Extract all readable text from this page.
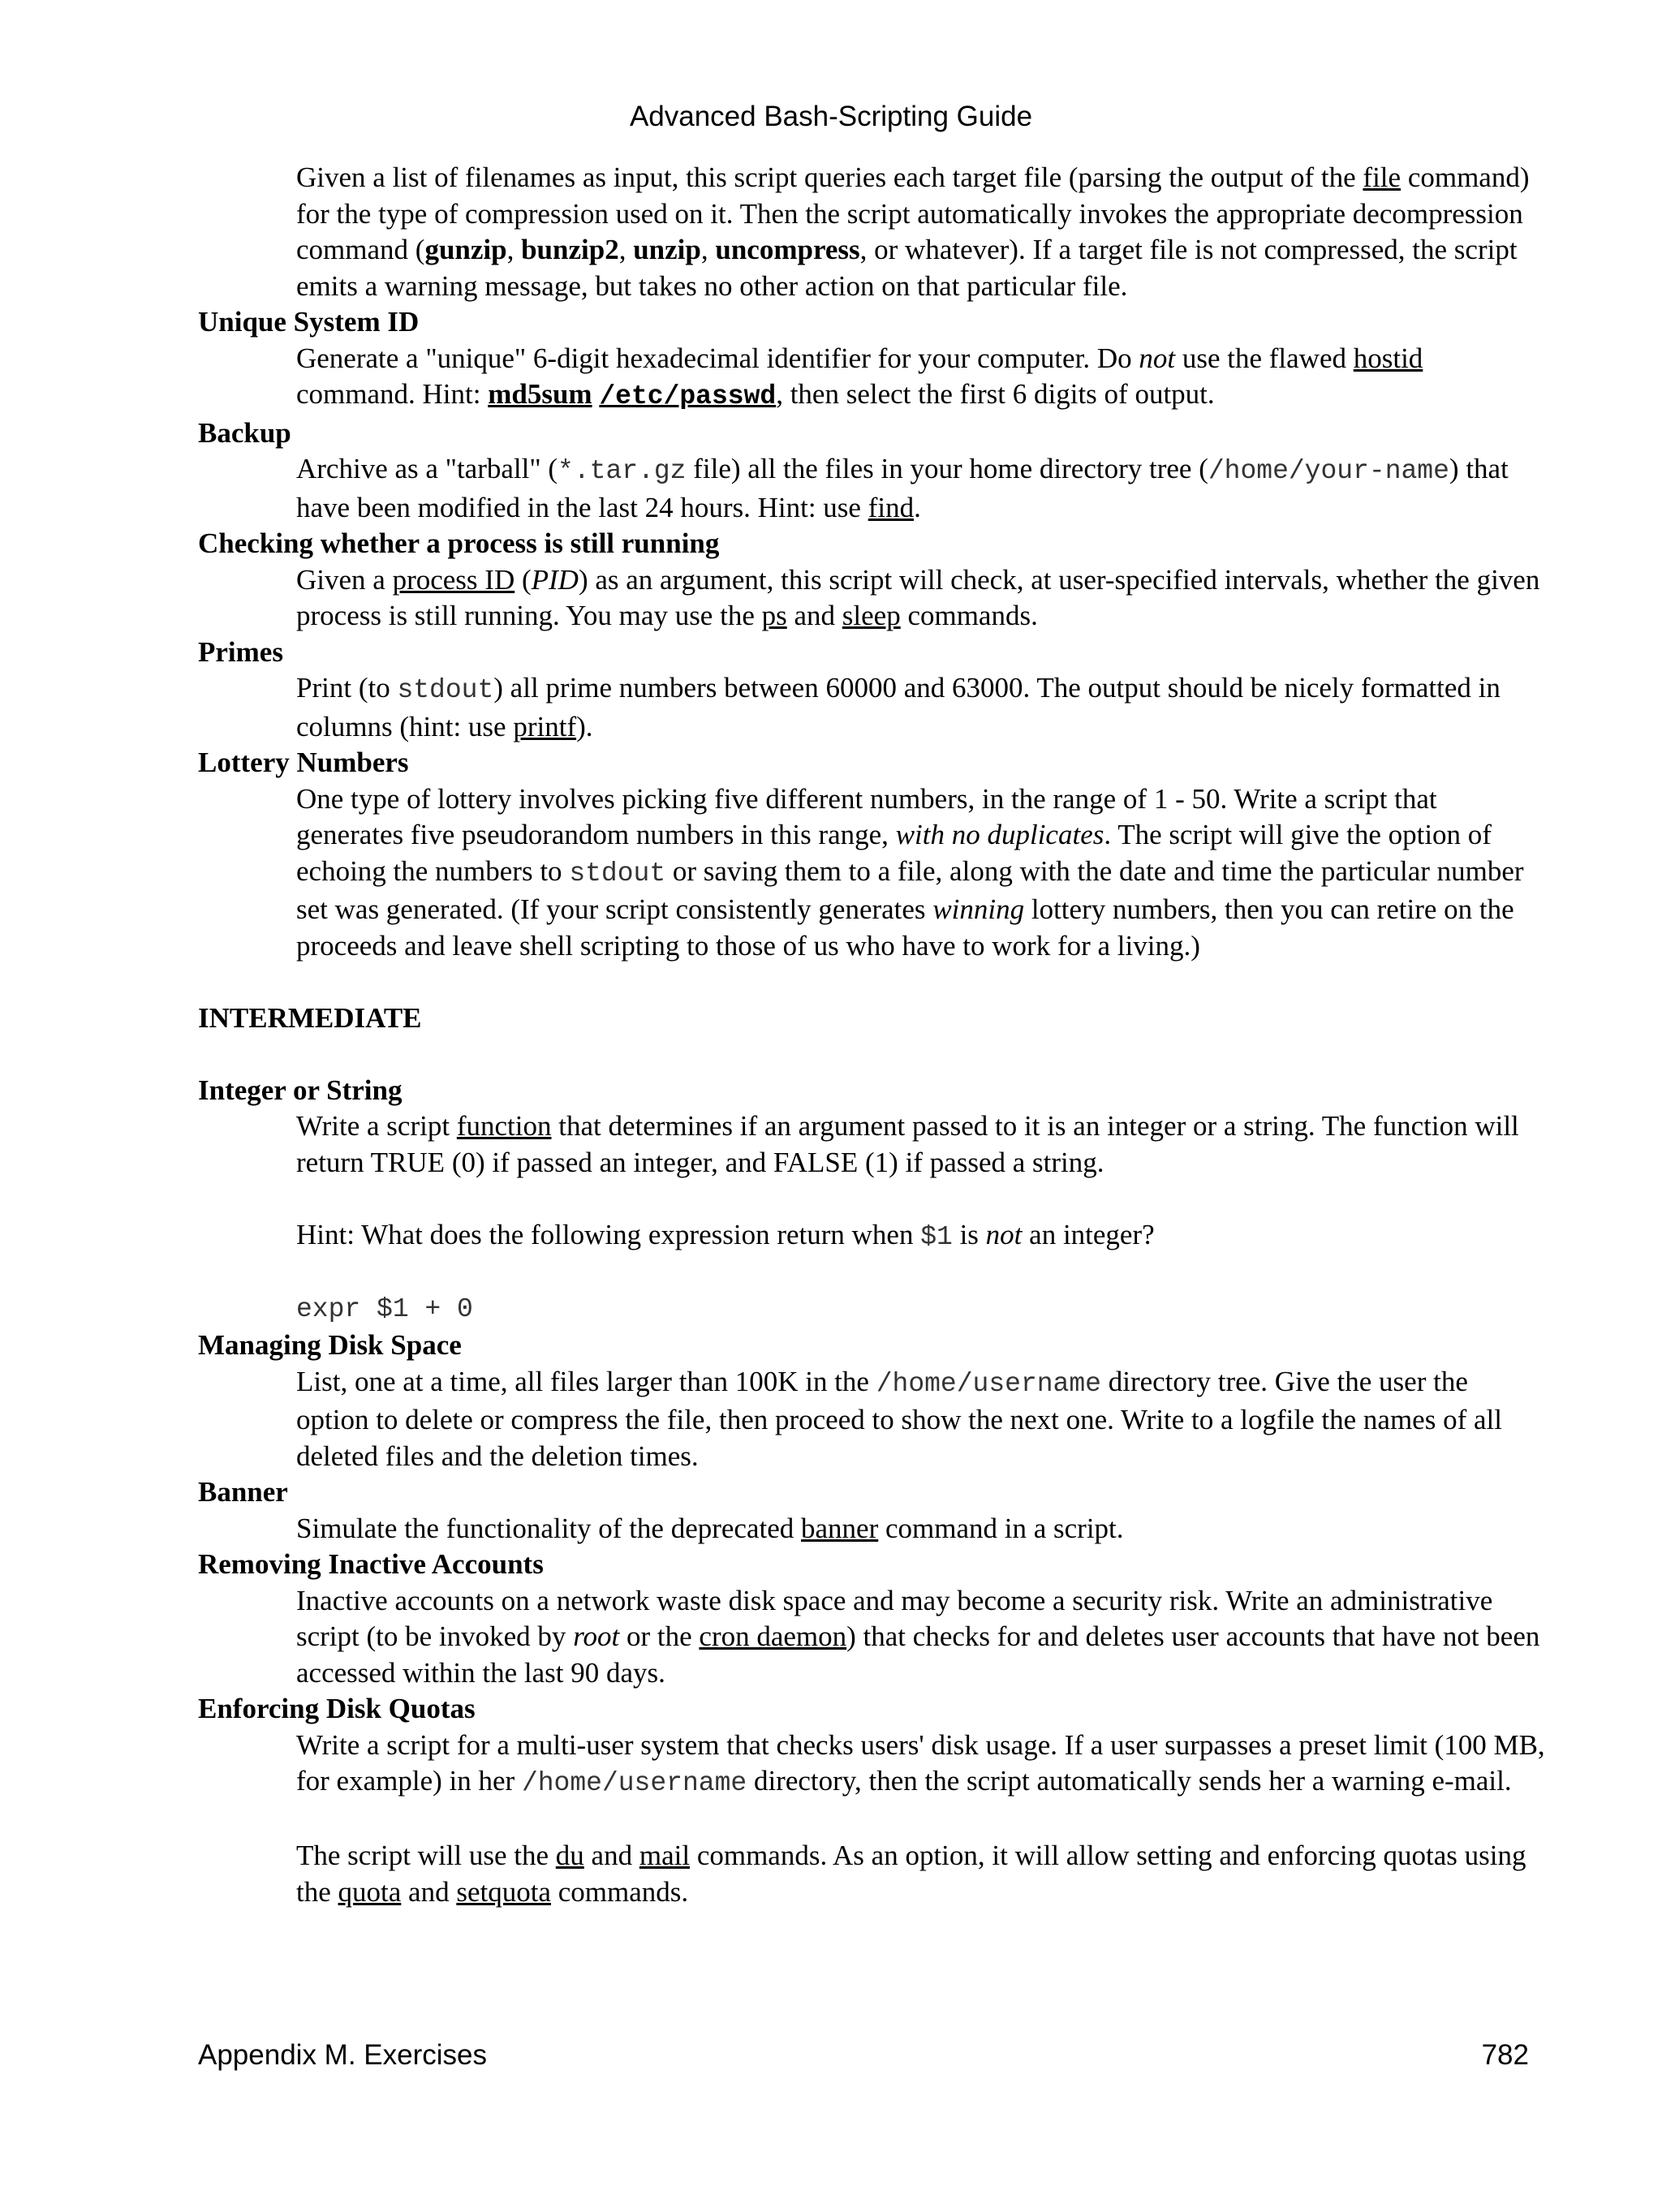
Advanced Bash-Scripting Guide
Given a list of filenames as input, this script queries each target file (parsing the output of the file command) for the type of compression used on it. Then the script automatically invokes the appropriate decompression command (gunzip, bunzip2, unzip, uncompress, or whatever). If a target file is not compressed, the script emits a warning message, but takes no other action on that particular file.
Unique System ID
Generate a "unique" 6-digit hexadecimal identifier for your computer. Do not use the flawed hostid command. Hint: md5sum /etc/passwd, then select the first 6 digits of output.
Backup
Archive as a "tarball" (*.tar.gz file) all the files in your home directory tree (/home/your-name) that have been modified in the last 24 hours. Hint: use find.
Checking whether a process is still running
Given a process ID (PID) as an argument, this script will check, at user-specified intervals, whether the given process is still running. You may use the ps and sleep commands.
Primes
Print (to stdout) all prime numbers between 60000 and 63000. The output should be nicely formatted in columns (hint: use printf).
Lottery Numbers
One type of lottery involves picking five different numbers, in the range of 1 - 50. Write a script that generates five pseudorandom numbers in this range, with no duplicates. The script will give the option of echoing the numbers to stdout or saving them to a file, along with the date and time the particular number set was generated. (If your script consistently generates winning lottery numbers, then you can retire on the proceeds and leave shell scripting to those of us who have to work for a living.)
INTERMEDIATE
Integer or String

Write a script function that determines if an argument passed to it is an integer or a string. The function will return TRUE (0) if passed an integer, and FALSE (1) if passed a string.

Hint: What does the following expression return when $1 is not an integer?

expr $1 + 0

Managing Disk Space
List, one at a time, all files larger than 100K in the /home/username directory tree. Give the user the option to delete or compress the file, then proceed to show the next one. Write to a logfile the names of all deleted files and the deletion times.
Banner
Simulate the functionality of the deprecated banner command in a script.
Removing Inactive Accounts
Inactive accounts on a network waste disk space and may become a security risk. Write an administrative script (to be invoked by root or the cron daemon) that checks for and deletes user accounts that have not been accessed within the last 90 days.
Enforcing Disk Quotas

Write a script for a multi-user system that checks users' disk usage. If a user surpasses a preset limit (100 MB, for example) in her /home/username directory, then the script automatically sends her a warning e-mail.

The script will use the du and mail commands. As an option, it will allow setting and enforcing quotas using the quota and setquota commands.

Appendix M. Exercises	782
